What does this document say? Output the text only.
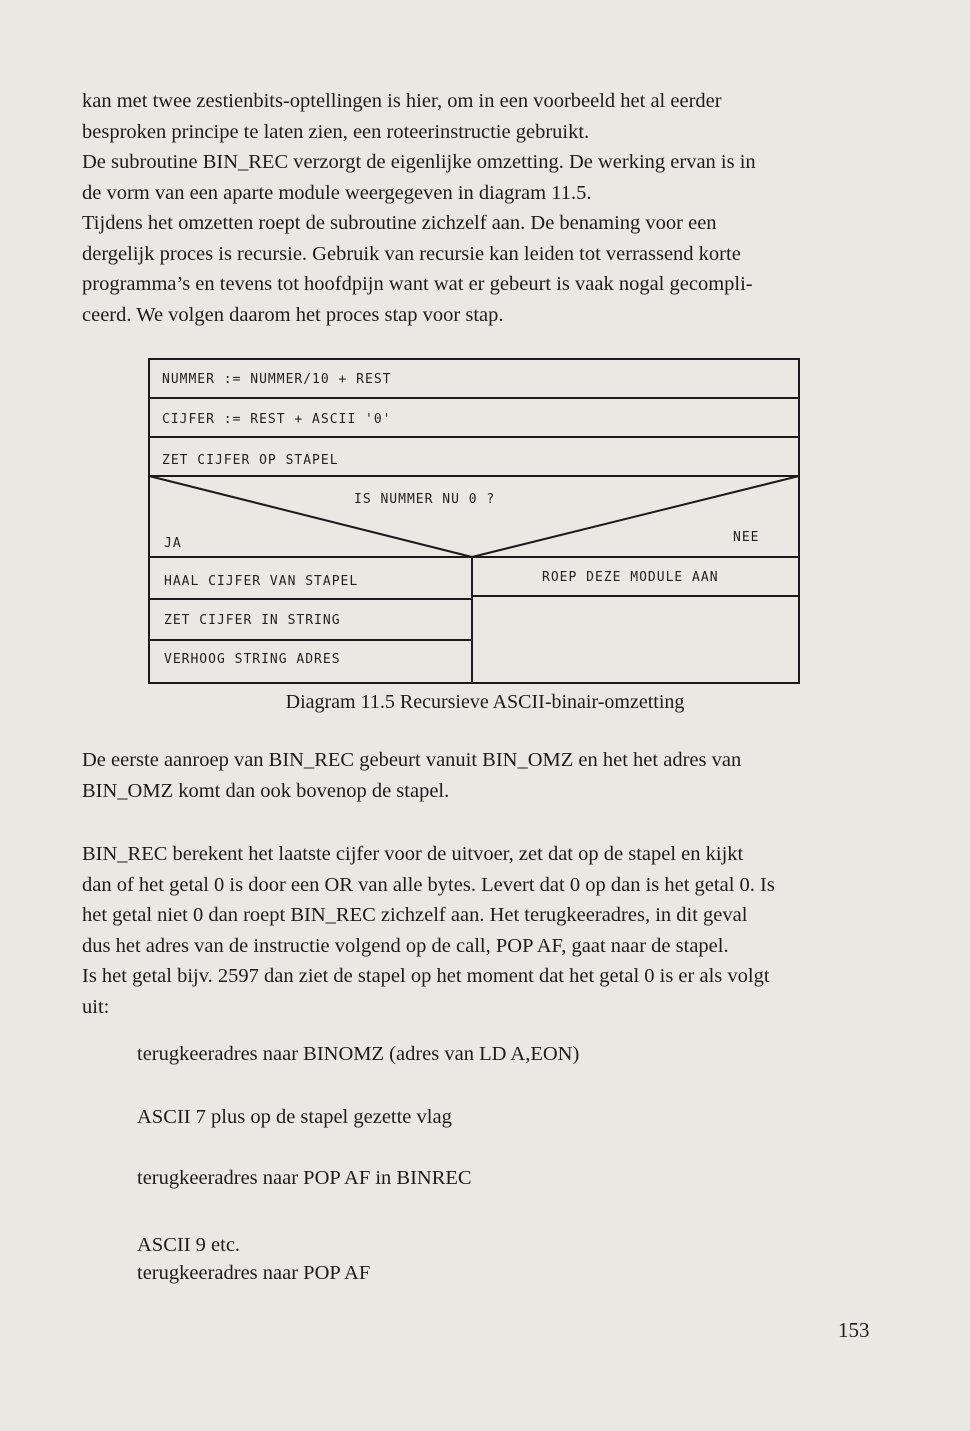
kan met twee zestienbits-optellingen is hier, om in een voorbeeld het al eerder
besproken principe te laten zien, een roteerinstructie gebruikt.
De subroutine BIN_REC verzorgt de eigenlijke omzetting. De werking ervan is in
de vorm van een aparte module weergegeven in diagram 11.5.
Tijdens het omzetten roept de subroutine zichzelf aan. De benaming voor een
dergelijk proces is recursie. Gebruik van recursie kan leiden tot verrassend korte
programma’s en tevens tot hoofdpijn want wat er gebeurt is vaak nogal gecompli-
ceerd. We volgen daarom het proces stap voor stap.
NUMMER := NUMMER/10 + REST
CIJFER := REST + ASCII '0'
ZET CIJFER OP STAPEL
IS NUMMER NU 0 ?
JA	NEE
HAAL CIJFER VAN STAPEL
ZET CIJFER IN STRING
VERHOOG STRING ADRES
ROEP DEZE MODULE AAN
Diagram 11.5 Recursieve ASCII-binair-omzetting
De eerste aanroep van BIN_REC gebeurt vanuit BIN_OMZ en het het adres van
BIN_OMZ komt dan ook bovenop de stapel.
BIN_REC berekent het laatste cijfer voor de uitvoer, zet dat op de stapel en kijkt
dan of het getal 0 is door een OR van alle bytes. Levert dat 0 op dan is het getal 0. Is
het getal niet 0 dan roept BIN_REC zichzelf aan. Het terugkeeradres, in dit geval
dus het adres van de instructie volgend op de call, POP AF, gaat naar de stapel.
Is het getal bijv. 2597 dan ziet de stapel op het moment dat het getal 0 is er als volgt
uit:
terugkeeradres naar BINOMZ (adres van LD A,EON)
ASCII 7 plus op de stapel gezette vlag
terugkeeradres naar POP AF in BINREC
ASCII 9 etc.
terugkeeradres naar POP AF
153
